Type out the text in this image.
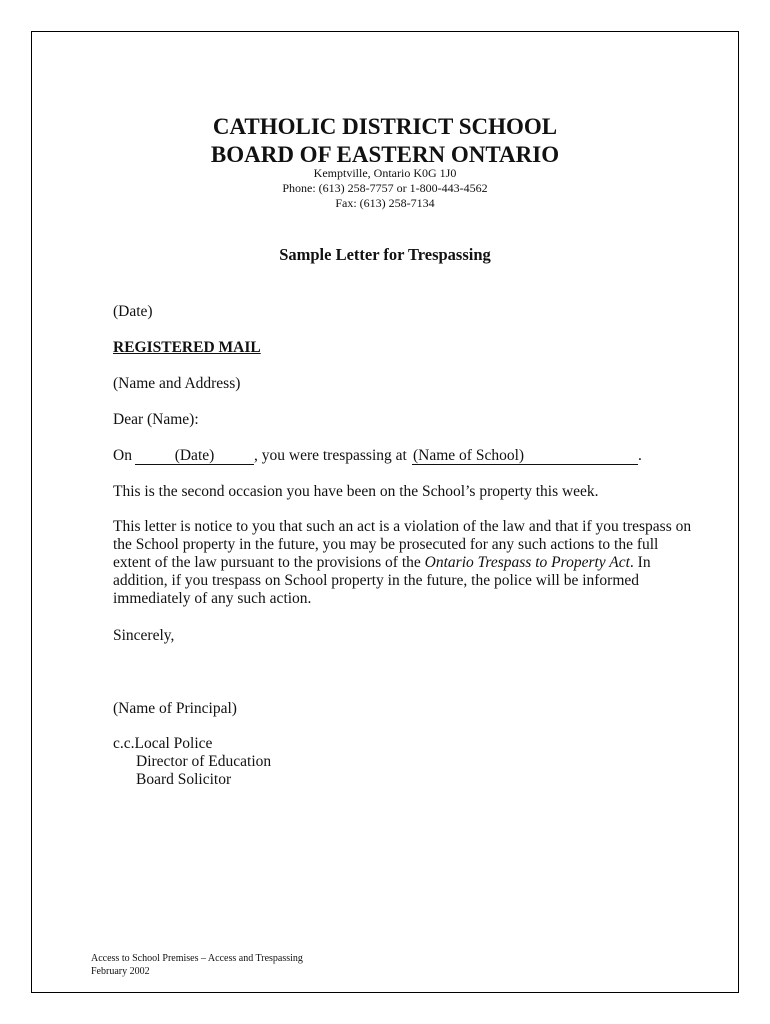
CATHOLIC DISTRICT SCHOOL
BOARD OF EASTERN ONTARIO
Kemptville, Ontario K0G 1J0
Phone: (613) 258-7757 or 1-800-443-4562
Fax: (613) 258-7134
Sample Letter for Trespassing
(Date)
REGISTERED MAIL
(Name and Address)
Dear (Name):
On	(Date)	, you were trespassing at (Name of School)	.
This is the second occasion you have been on the School’s property this week.
This letter is notice to you that such an act is a violation of the law and that if you trespass on
the School property in the future, you may be prosecuted for any such actions to the full
extent of the law pursuant to the provisions of the Ontario Trespass to Property Act. In
addition, if you trespass on School property in the future, the police will be informed
immediately of any such action.
Sincerely,
(Name of Principal)
c.c.Local Police
Director of Education
Board Solicitor
Access to School Premises – Access and Trespassing
February 2002
